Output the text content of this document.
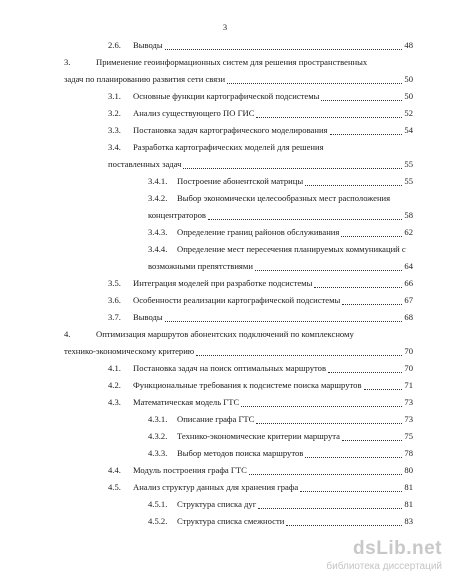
3
2.6. Выводы	48
3.	Применение геоинформационных систем для решения пространственных
задач по планированию развития сети связи	50
3.1. Основные функции картографической подсистемы	50
3.2. Анализ существующего ПО ГИС	52
3.3. Постановка задач картографического моделирования	54
3.4. Разработка картографических моделей для решения
поставленных задач	55
3.4.1. Построение абонентской матрицы	55
3.4.2. Выбор экономически целесообразных мест расположения
концентраторов	58
3.4.3. Определение границ районов обслуживания	62
3.4.4. Определение мест пересечения планируемых коммуникаций с
возможными препятствиями	64
3.5. Интеграция моделей при разработке подсистемы	66
3.6. Особенности реализации картографической подсистемы	67
3.7. Выводы	68
4.	Оптимизация маршрутов абонентских подключений по комплексному
технико-экономическому критерию	70
4.1. Постановка задач на поиск оптимальных маршрутов	70
4.2. Функциональные требования к подсистеме поиска маршрутов	71
4.3. Математическая модель ГТС	73
4.3.1. Описание графа ГТС	73
4.3.2. Технико-экономические критерии маршрута	75
4.3.3. Выбор методов поиска маршрутов	78
4.4. Модуль построения графа ГТС	80
4.5. Анализ структур данных для хранения графа	81
4.5.1. Структура списка дуг	81
4.5.2. Структура списка смежности	83
dsLib.net
библиотека диссертаций
